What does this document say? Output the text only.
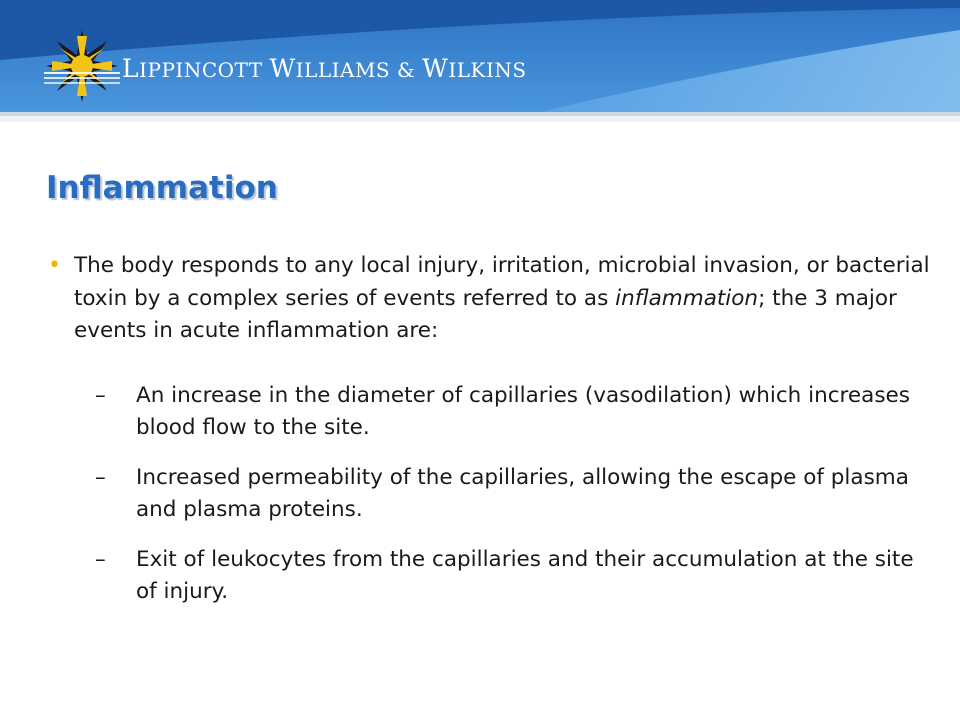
LIPPINCOTT WILLIAMS & WILKINS
Inflammation
• The body responds to any local injury, irritation, microbial invasion, or bacterial toxin by a complex series of events referred to as inflammation; the 3 major events in acute inflammation are:
– An increase in the diameter of capillaries (vasodilation) which increases blood flow to the site.
– Increased permeability of the capillaries, allowing the escape of plasma and plasma proteins.
– Exit of leukocytes from the capillaries and their accumulation at the site of injury.
